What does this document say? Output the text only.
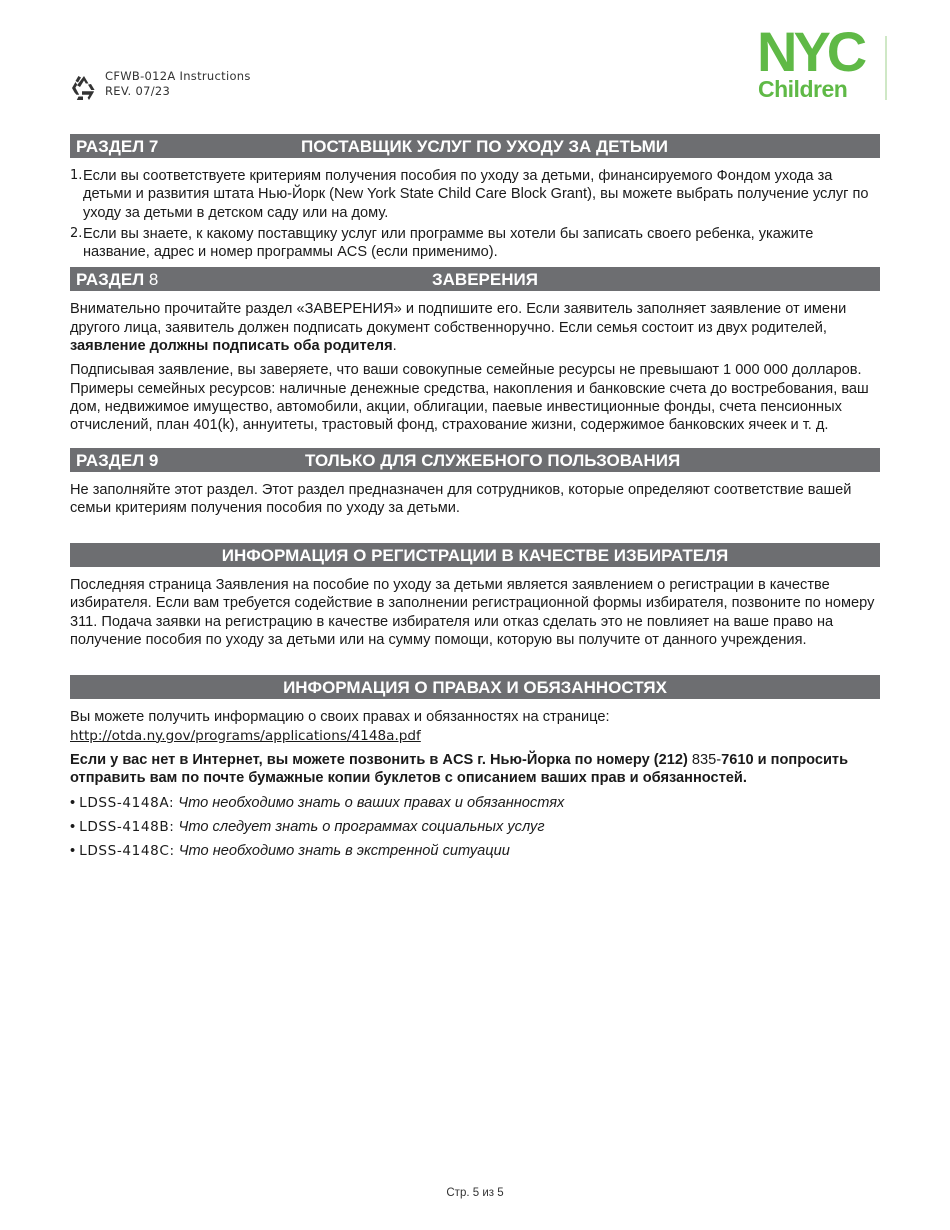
CFWB-012A Instructions
REV. 07/23
NYC
Children
РАЗДЕЛ 7	ПОСТАВЩИК УСЛУГ ПО УХОДУ ЗА ДЕТЬМИ
1. Если вы соответствуете критериям получения пособия по уходу за детьми, финансируемого Фондом ухода за детьми и развития штата Нью-Йорк (New York State Child Care Block Grant), вы можете выбрать получение услуг по уходу за детьми в детском саду или на дому.
2. Если вы знаете, к какому поставщику услуг или программе вы хотели бы записать своего ребенка, укажите название, адрес и номер программы ACS (если применимо).
РАЗДЕЛ 8	ЗАВЕРЕНИЯ

Внимательно прочитайте раздел «ЗАВЕРЕНИЯ» и подпишите его. Если заявитель заполняет заявление от имени другого лица, заявитель должен подписать документ собственноручно. Если семья состоит из двух родителей, заявление должны подписать оба родителя.

Подписывая заявление, вы заверяете, что ваши совокупные семейные ресурсы не превышают 1 000 000 долларов. Примеры семейных ресурсов: наличные денежные средства, накопления и банковские счета до востребования, ваш дом, недвижимое имущество, автомобили, акции, облигации, паевые инвестиционные фонды, счета пенсионных отчислений, план 401(k), аннуитеты, трастовый фонд, страхование жизни, содержимое банковских ячеек и т. д.

РАЗДЕЛ 9	ТОЛЬКО ДЛЯ СЛУЖЕБНОГО ПОЛЬЗОВАНИЯ

Не заполняйте этот раздел. Этот раздел предназначен для сотрудников, которые определяют соответствие вашей семьи критериям получения пособия по уходу за детьми.

ИНФОРМАЦИЯ О РЕГИСТРАЦИИ В КАЧЕСТВЕ ИЗБИРАТЕЛЯ

Последняя страница Заявления на пособие по уходу за детьми является заявлением о регистрации в качестве избирателя. Если вам требуется содействие в заполнении регистрационной формы избирателя, позвоните по номеру 311. Подача заявки на регистрацию в качестве избирателя или отказ сделать это не повлияет на ваше право на получение пособия по уходу за детьми или на сумму помощи, которую вы получите от данного учреждения.

ИНФОРМАЦИЯ О ПРАВАХ И ОБЯЗАННОСТЯХ

Вы можете получить информацию о своих правах и обязанностях на странице:
http://otda.ny.gov/programs/applications/4148a.pdf

Если у вас нет в Интернет, вы можете позвонить в ACS г. Нью-Йорка по номеру (212) 835-7610 и попросить отправить вам по почте бумажные копии буклетов с описанием ваших прав и обязанностей.

• LDSS-4148A: Что необходимо знать о ваших правах и обязанностях
• LDSS-4148B: Что следует знать о программах социальных услуг
• LDSS-4148C: Что необходимо знать в экстренной ситуации
Стр. 5 из 5
